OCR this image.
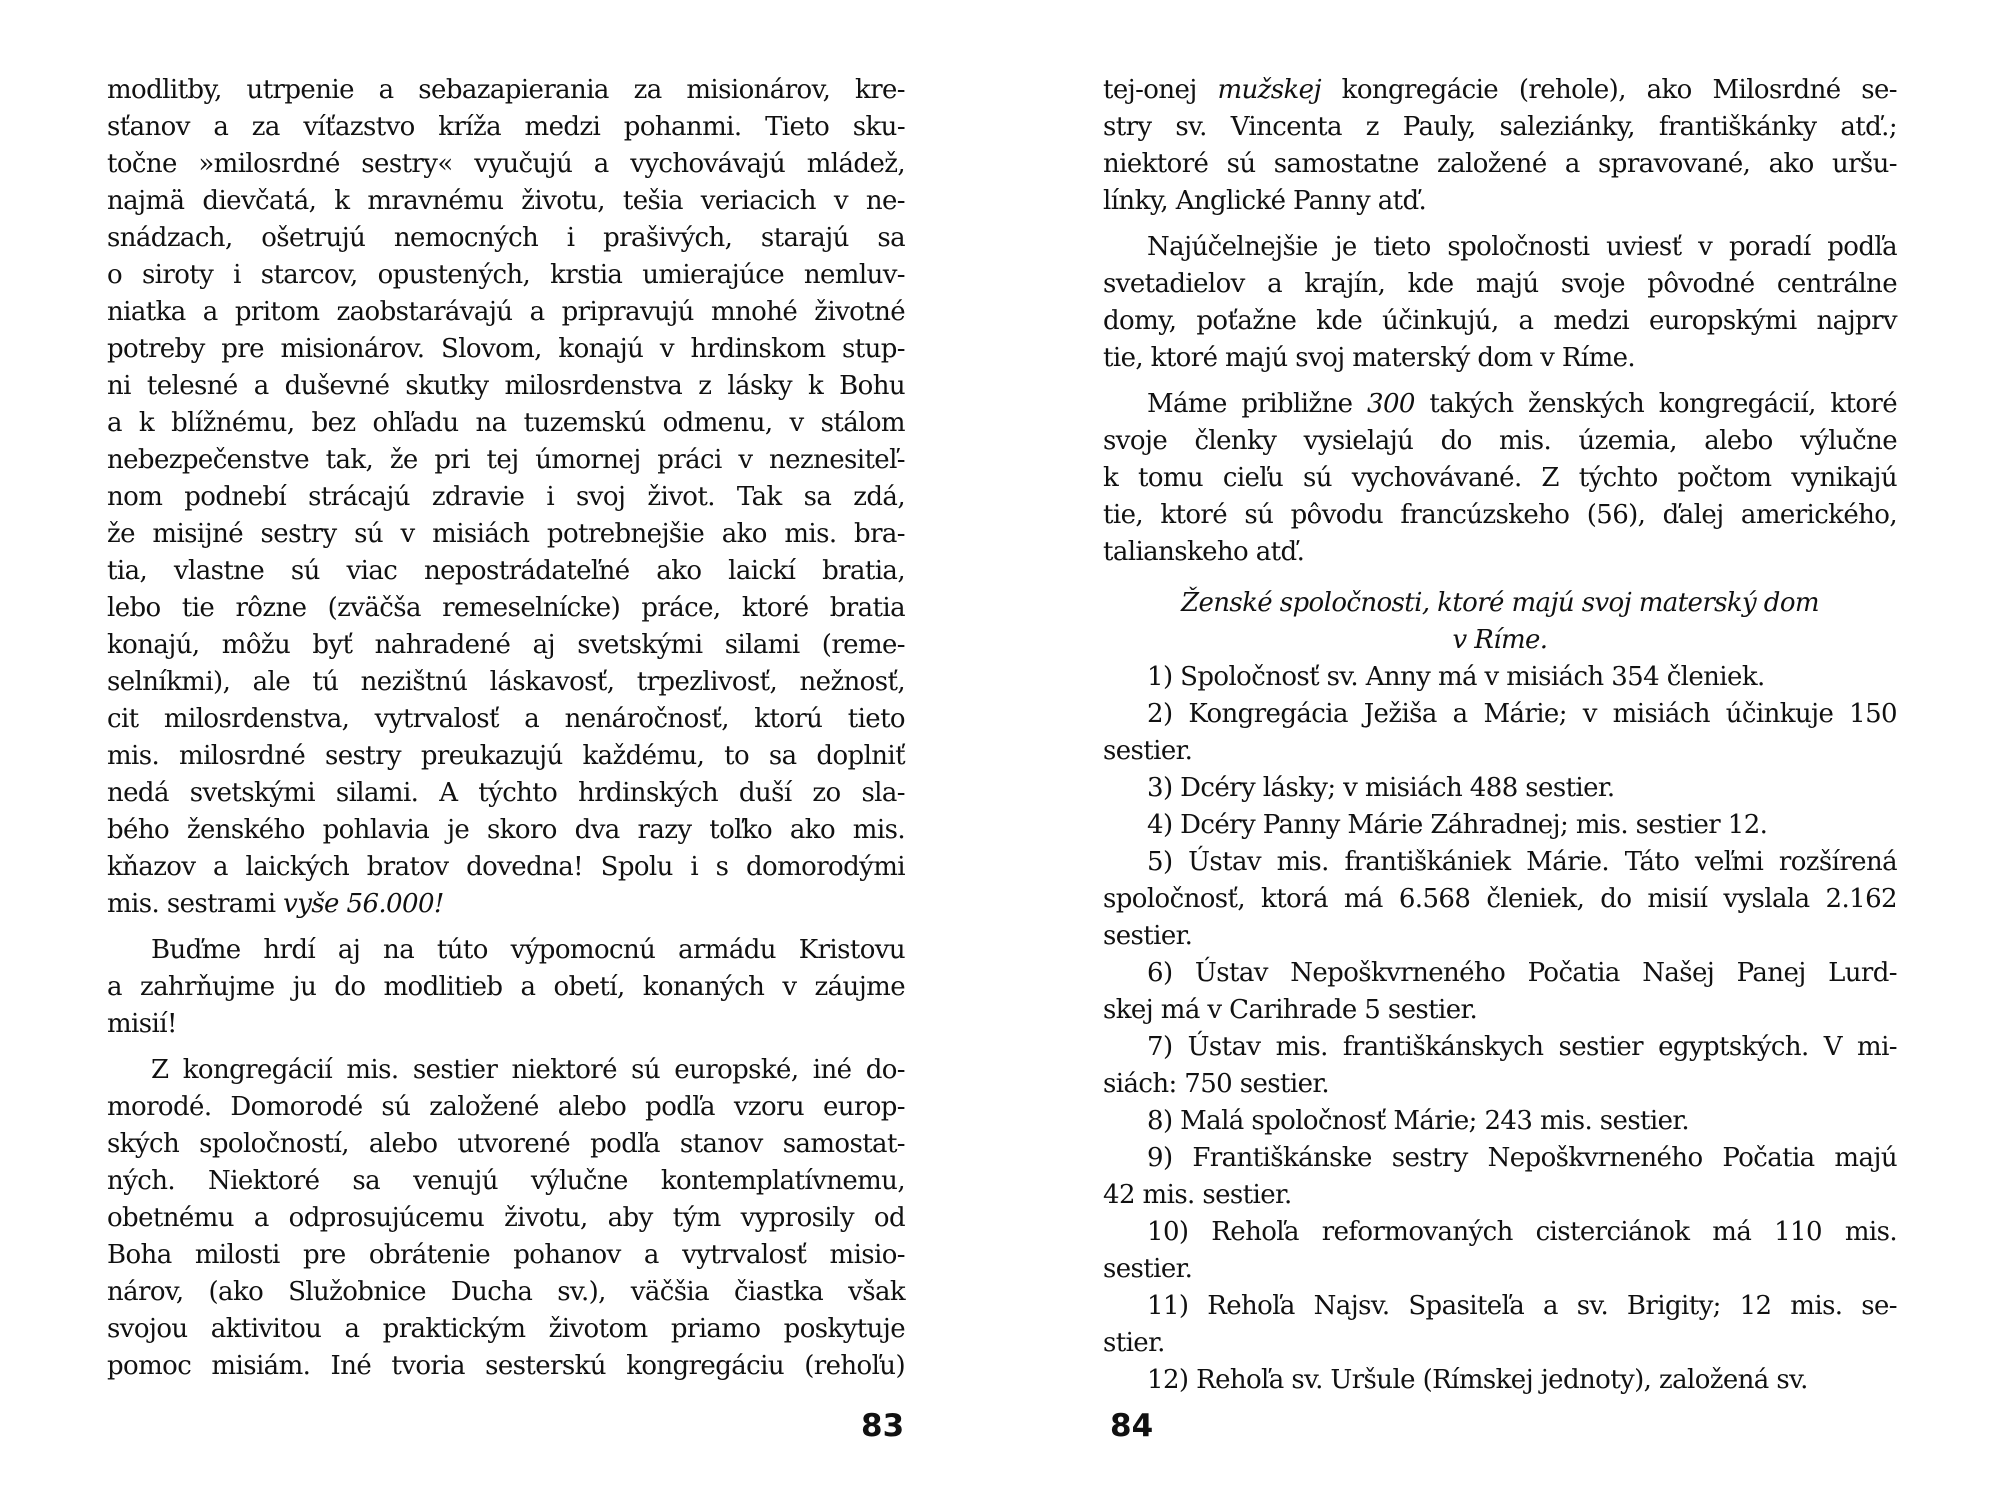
modlitby, utrpenie a sebazapierania za misionárov, kre-
sťanov a za víťazstvo kríža medzi pohanmi. Tieto sku-
točne »milosrdné sestry« vyučujú a vychovávajú mládež,
najmä dievčatá, k mravnému životu, tešia veriacich v ne-
snádzach, ošetrujú nemocných i prašivých, starajú sa
o siroty i starcov, opustených, krstia umierajúce nemluv-
niatka a pritom zaobstarávajú a pripravujú mnohé životné
potreby pre misionárov. Slovom, konajú v hrdinskom stup-
ni telesné a duševné skutky milosrdenstva z lásky k Bohu
a k blížnému, bez ohľadu na tuzemskú odmenu, v stálom
nebezpečenstve tak, že pri tej úmornej práci v neznesiteľ-
nom podnebí strácajú zdravie i svoj život. Tak sa zdá,
že misijné sestry sú v misiách potrebnejšie ako mis. bra-
tia, vlastne sú viac nepostrádateľné ako laickí bratia,
lebo tie rôzne (zväčša remeselnícke) práce, ktoré bratia
konajú, môžu byť nahradené aj svetskými silami (reme-
selníkmi), ale tú nezištnú láskavosť, trpezlivosť, nežnosť,
cit milosrdenstva, vytrvalosť a nenáročnosť, ktorú tieto
mis. milosrdné sestry preukazujú každému, to sa doplniť
nedá svetskými silami. A týchto hrdinských duší zo sla-
bého ženského pohlavia je skoro dva razy toľko ako mis.
kňazov a laických bratov dovedna! Spolu i s domorodými
mis. sestrami vyše 56.000!
Buďme hrdí aj na túto výpomocnú armádu Kristovu
a zahrňujme ju do modlitieb a obetí, konaných v záujme
misií!
Z kongregácií mis. sestier niektoré sú europské, iné do-
morodé. Domorodé sú založené alebo podľa vzoru europ-
ských spoločností, alebo utvorené podľa stanov samostat-
ných. Niektoré sa venujú výlučne kontemplatívnemu,
obetnému a odprosujúcemu životu, aby tým vyprosily od
Boha milosti pre obrátenie pohanov a vytrvalosť misio-
nárov, (ako Služobnice Ducha sv.), väčšia čiastka však
svojou aktivitou a praktickým životom priamo poskytuje
pomoc misiám. Iné tvoria sesterskú kongregáciu (rehoľu)
83
tej-onej mužskej kongregácie (rehole), ako Milosrdné se-
stry sv. Vincenta z Pauly, saleziánky, františkánky atď.;
niektoré sú samostatne založené a spravované, ako uršu-
línky, Anglické Panny atď.
Najúčelnejšie je tieto spoločnosti uviesť v poradí podľa
svetadielov a krajín, kde majú svoje pôvodné centrálne
domy, poťažne kde účinkujú, a medzi europskými najprv
tie, ktoré majú svoj materský dom v Ríme.
Máme približne 300 takých ženských kongregácií, ktoré
svoje členky vysielajú do mis. územia, alebo výlučne
k tomu cieľu sú vychovávané. Z týchto počtom vynikajú
tie, ktoré sú pôvodu francúzskeho (56), ďalej amerického,
talianskeho atď.
Ženské spoločnosti, ktoré majú svoj materský dom
v Ríme.
1) Spoločnosť sv. Anny má v misiách 354 členiek.
2) Kongregácia Ježiša a Márie; v misiách účinkuje 150
sestier.
3) Dcéry lásky; v misiách 488 sestier.
4) Dcéry Panny Márie Záhradnej; mis. sestier 12.
5) Ústav mis. františkániek Márie. Táto veľmi rozšírená
spoločnosť, ktorá má 6.568 členiek, do misií vyslala 2.162
sestier.
6) Ústav Nepoškvrneného Počatia Našej Panej Lurd-
skej má v Carihrade 5 sestier.
7) Ústav mis. františkánskych sestier egyptských. V mi-
siách: 750 sestier.
8) Malá spoločnosť Márie; 243 mis. sestier.
9) Františkánske sestry Nepoškvrneného Počatia majú
42 mis. sestier.
10) Rehoľa reformovaných cisterciánok má 110 mis.
sestier.
11) Rehoľa Najsv. Spasiteľa a sv. Brigity; 12 mis. se-
stier.
12) Rehoľa sv. Uršule (Rímskej jednoty), založená sv.
84
